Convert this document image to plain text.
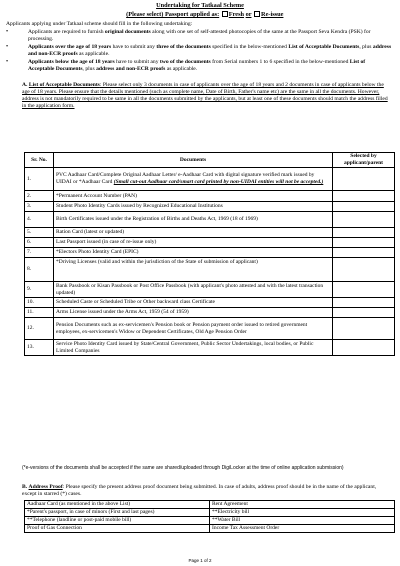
Undertaking for Tatkaal Scheme
(Please select) Passport applied as: Fresh or Re-issue
Applicants applying under Tatkaal scheme should fill in the following undertaking:
•	Applicants are required to furnish original documents along with one set of self-attested photocopies of the same at the Passport Seva Kendra (PSK) for processing.
•	Applicants over the age of 18 years have to submit any three of the documents specified in the below-mentioned List of Acceptable Documents, plus address and non-ECR proofs as applicable.
•	Applicants below the age of 18 years have to submit any two of the documents from Serial numbers 1 to 6 specified in the below-mentioned List of Acceptable Documents, plus address and non-ECR proofs as applicable.
A. List of Acceptable Documents: Please select only 3 documents in case of applicants over the age of 18 years and 2 documents in case of applicants below the age of 18 years. Please ensure that the details mentioned (such as complete name, Date of Birth, Father's name etc) are the same in all the documents. However, address is not mandatorily required to be same in all the documents submitted by the applicants, but at least one of these documents should match the address filled in the application form.
Sr. No.	Documents	Selected by applicant/parent
1.	PVC Aadhaar Card/Complete Original Aadhaar Letter/ e-Aadhaar Card with digital signature verified mark issued by UIDAI or *Aadhaar Card (Small cut-out Aadhaar card/smart card printed by non-UIDAI entities will not be accepted.)	
2.	*Permanent Account Number (PAN)	
3.	Student Photo Identity Cards issued by Recognized Educational Institutions	
4.	Birth Certificates issued under the Registration of Births and Deaths Act, 1969 (18 of 1969)	
5.	Ration Card (latest or updated)	
6.	Last Passport issued (in case of re-issue only)	
7.	*Electors Photo Identity Card (EPIC)	
8.	*Driving Licenses (valid and within the jurisdiction of the State of submission of applicant)	
9.	Bank Passbook or Kisan Passbook or Post Office Passbook (with applicant's photo attested and with the latest transaction updated)	
10.	Scheduled Caste or Scheduled Tribe or Other backward class Certificate	
11.	Arms License issued under the Arms Act, 1959 (54 of 1959)	
12.	Pension Documents such as ex-servicemen's Pension book or Pension payment order issued to retired government employees, ex-servicemen's Widow or Dependent Certificates, Old Age Pension Order	
13.	Service Photo Identity Card issued by State/Central Government, Public Sector Undertakings, local bodies, or Public Limited Companies	
(*e-versions of the documents shall be accepted if the same are shared/uploaded through DigiLocker at the time of online application submission)
B. Address Proof: Please specify the present address proof document being submitted. In case of adults, address proof should be in the name of the applicant, except in starred (*) cases.
Aadhaar Card (as mentioned in the above List)	Rent Agreement
*Parent's passport, in case of minors (First and last pages)	**Electricity bill
**Telephone (landline or post-paid mobile bill)	**Water Bill
Proof of Gas Connection	Income Tax Assessment Order
Page 1 of 2
